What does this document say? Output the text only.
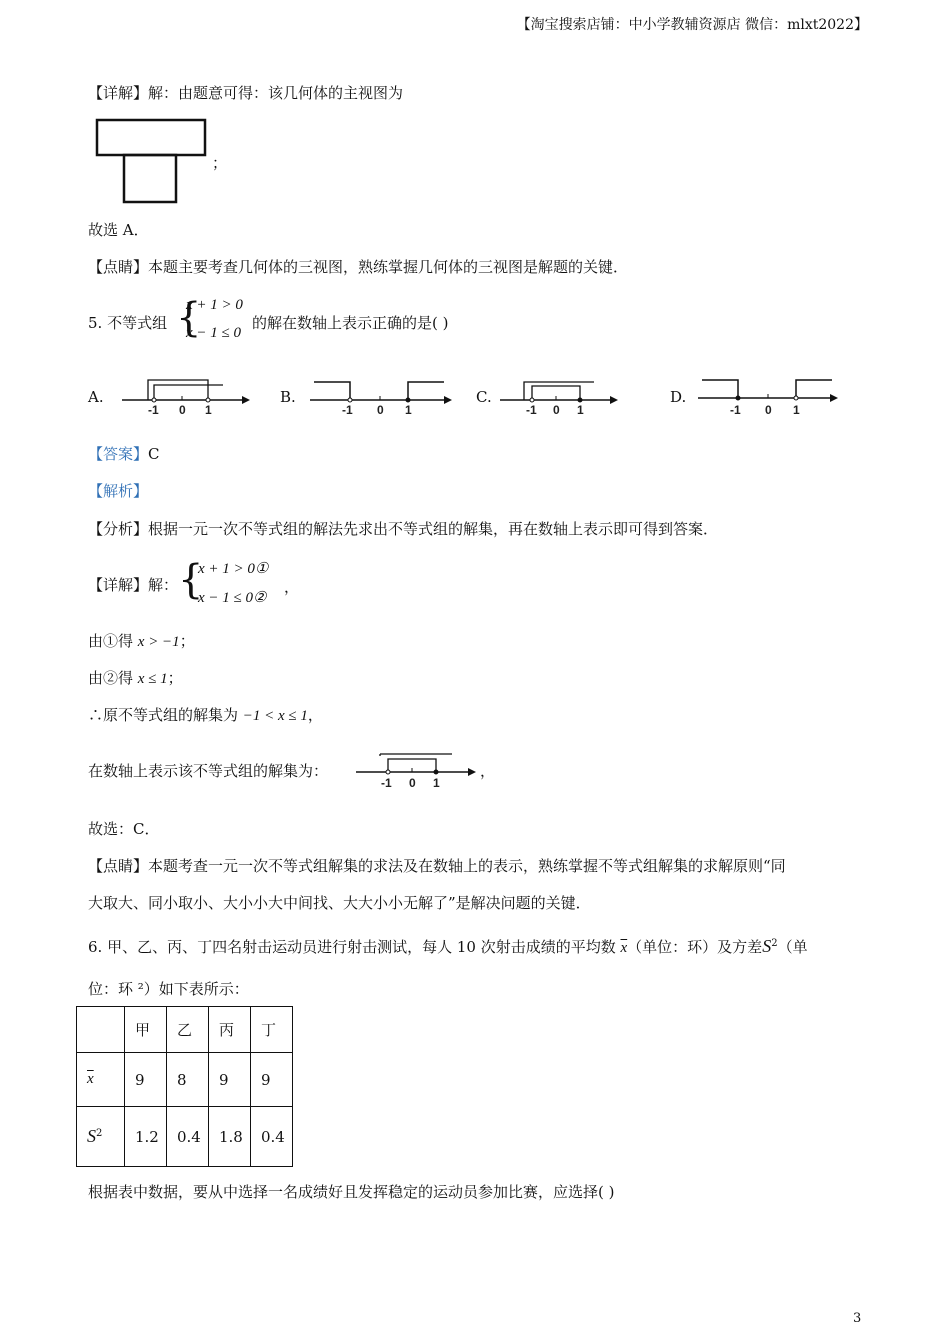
【淘宝搜索店铺：中小学教辅资源店 微信：mlxt2022】
【详解】解：由题意可得：该几何体的主视图为
；
故选 A．
【点睛】本题主要考查几何体的三视图，熟练掌握几何体的三视图是解题的关键．
5. 不等式组 {
x + 1 > 0
x − 1 ≤ 0
的解在数轴上表示正确的是( )
A.
-1 0 1
B.
-1 0 1
C.
-1 0 1
D.
-1 0 1
【答案】C
【解析】
【分析】根据一元一次不等式组的解法先求出不等式组的解集，再在数轴上表示即可得到答案．
【详解】解： {
x + 1 > 0①
x − 1 ≤ 0②
，
由①得 x > −1；
由②得 x ≤ 1；
∴原不等式组的解集为 −1 < x ≤ 1，
在数轴上表示该不等式组的解集为：
-1 0 1
，
故选：C．
【点睛】本题考查一元一次不等式组解集的求法及在数轴上的表示，熟练掌握不等式组解集的求解原则“同
大取大、同小取小、大小小大中间找、大大小小无解了”是解决问题的关键．
6. 甲、乙、丙、丁四名射击运动员进行射击测试，每人 10 次射击成绩的平均数 $\overline{x}$（单位：环）及方差$S^2$（单
位：环 ²）如下表所示：
	甲	乙	丙	丁
$\overline{x}$	9	8	9	9
$S^2$	1.2	0.4	1.8	0.4
根据表中数据，要从中选择一名成绩好且发挥稳定的运动员参加比赛，应选择( )
3
